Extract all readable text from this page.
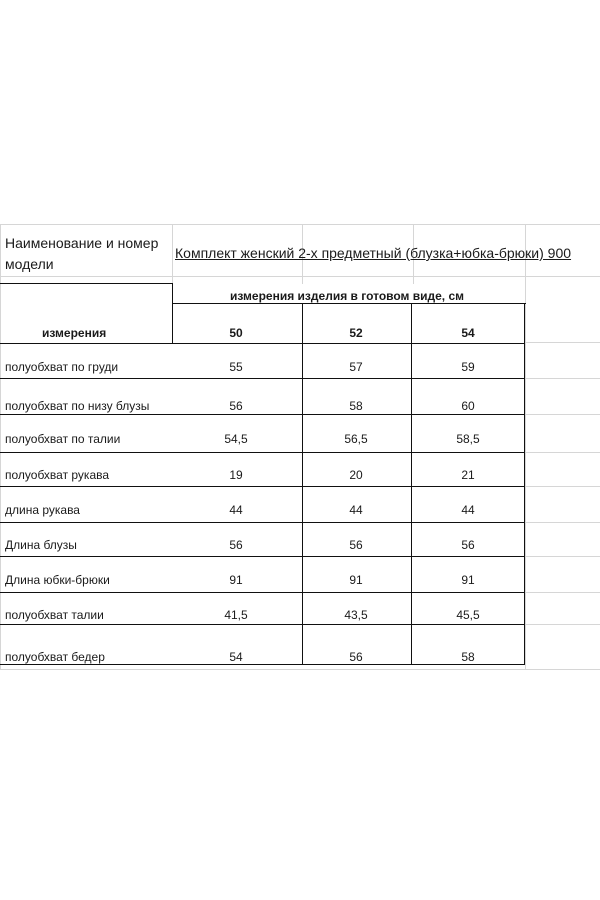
Наименование и номер
модели
Комплект женский 2-х предметный (блузка+юбка-брюки) 900
измерения изделия в готовом виде, см
измерения	50	52	54
полуобхват по груди	55	57	59
полуобхват по низу блузы	56	58	60
полуобхват по талии	54,5	56,5	58,5
полуобхват рукава	19	20	21
длина рукава	44	44	44
Длина блузы	56	56	56
Длина юбки-брюки	91	91	91
полуобхват талии	41,5	43,5	45,5
полуобхват бедер	54	56	58
